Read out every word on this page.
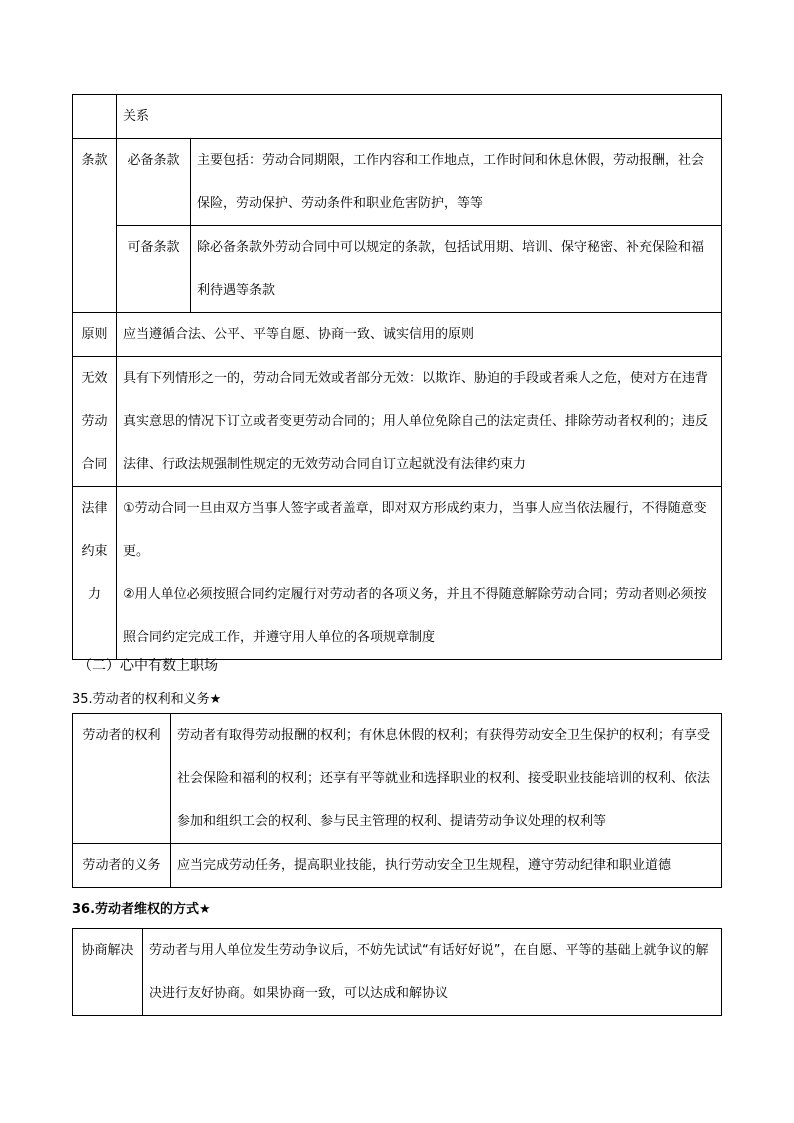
	关系	
条款	必备条款	主要包括：劳动合同期限，工作内容和工作地点，工作时间和休息休假，劳动报酬，社会保险，劳动保护、劳动条件和职业危害防护，等等
	可备条款	除必备条款外劳动合同中可以规定的条款，包括试用期、培训、保守秘密、补充保险和福利待遇等条款
原则	应当遵循合法、公平、平等自愿、协商一致、诚实信用的原则	
无效劳动合同	具有下列情形之一的，劳动合同无效或者部分无效：以欺诈、胁迫的手段或者乘人之危，使对方在违背真实意思的情况下订立或者变更劳动合同的；用人单位免除自己的法定责任、排除劳动者权利的；违反法律、行政法规强制性规定的无效劳动合同自订立起就没有法律约束力	
法律约束力	①劳动合同一旦由双方当事人签字或者盖章，即对双方形成约束力，当事人应当依法履行，不得随意变更。
②用人单位必须按照合同约定履行对劳动者的各项义务，并且不得随意解除劳动合同；劳动者则必须按照合同约定完成工作，并遵守用人单位的各项规章制度	
（二）心中有数上职场
35.劳动者的权利和义务★
劳动者的权利	劳动者有取得劳动报酬的权利；有休息休假的权利；有获得劳动安全卫生保护的权利；有享受社会保险和福利的权利；还享有平等就业和选择职业的权利、接受职业技能培训的权利、依法参加和组织工会的权利、参与民主管理的权利、提请劳动争议处理的权利等
劳动者的义务	应当完成劳动任务，提高职业技能，执行劳动安全卫生规程，遵守劳动纪律和职业道德
36.劳动者维权的方式★
协商解决	劳动者与用人单位发生劳动争议后，不妨先试试“有话好好说”，在自愿、平等的基础上就争议的解决进行友好协商。如果协商一致，可以达成和解协议
